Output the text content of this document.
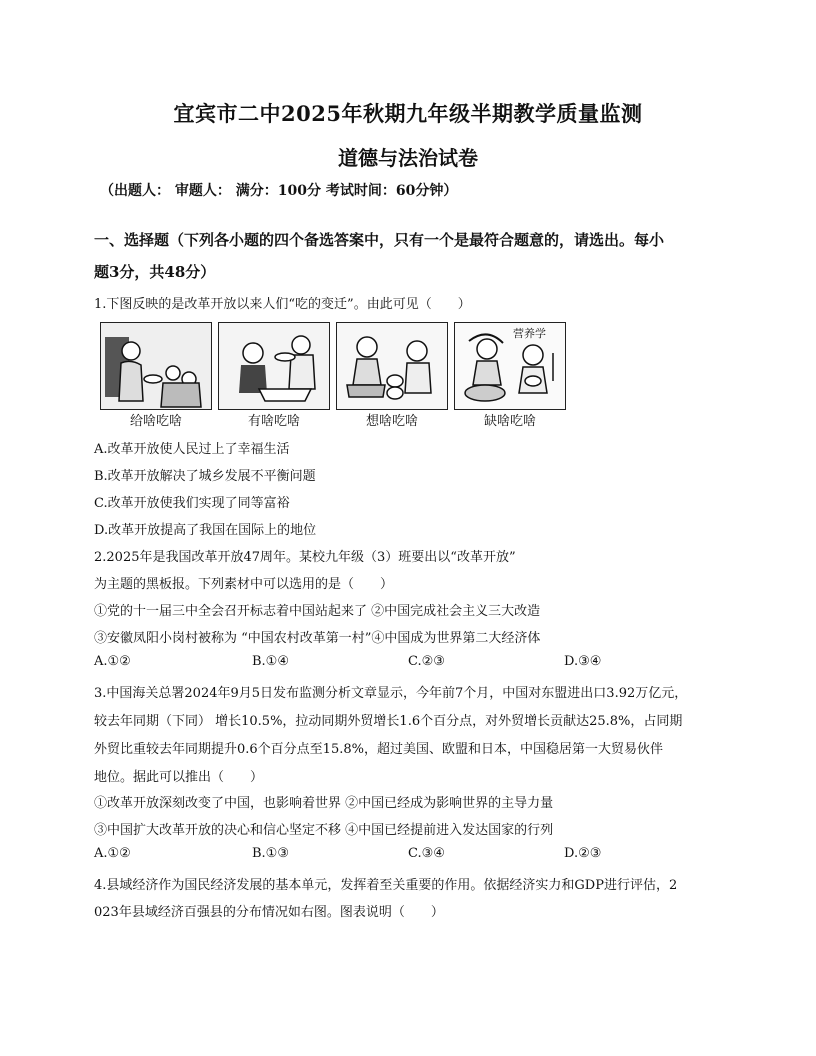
宜宾市二中2025年秋期九年级半期教学质量监测
道德与法治试卷
（出题人： 审题人： 满分：100分 考试时间：60分钟）
一、选择题（下列各小题的四个备选答案中，只有一个是最符合题意的，请选出。每小
题3分，共48分）
1.下图反映的是改革开放以来人们“吃的变迁”。由此可见（　　）
给啥吃啥	有啥吃啥	想啥吃啥
营养学
缺啥吃啥
A.改革开放使人民过上了幸福生活
B.改革开放解决了城乡发展不平衡问题
C.改革开放使我们实现了同等富裕
D.改革开放提高了我国在国际上的地位
2.2025年是我国改革开放47周年。某校九年级（3）班要出以“改革开放”
为主题的黑板报。下列素材中可以选用的是（　　）
①党的十一届三中全会召开标志着中国站起来了 ②中国完成社会主义三大改造
③安徽凤阳小岗村被称为 “中国农村改革第一村”④中国成为世界第二大经济体
A.①②	B.①④	C.②③	D.③④
3.中国海关总署2024年9月5日发布监测分析文章显示，今年前7个月，中国对东盟进出口3.92万亿元，
较去年同期（下同） 增长10.5%，拉动同期外贸增长1.6个百分点，对外贸增长贡献达25.8%，占同期
外贸比重较去年同期提升0.6个百分点至15.8%，超过美国、欧盟和日本，中国稳居第一大贸易伙伴
地位。据此可以推出（　　）
①改革开放深刻改变了中国，也影响着世界 ②中国已经成为影响世界的主导力量
③中国扩大改革开放的决心和信心坚定不移 ④中国已经提前进入发达国家的行列
A.①②	B.①③	C.③④	D.②③
4.县域经济作为国民经济发展的基本单元，发挥着至关重要的作用。依据经济实力和GDP进行评估，2
023年县域经济百强县的分布情况如右图。图表说明（　　）
